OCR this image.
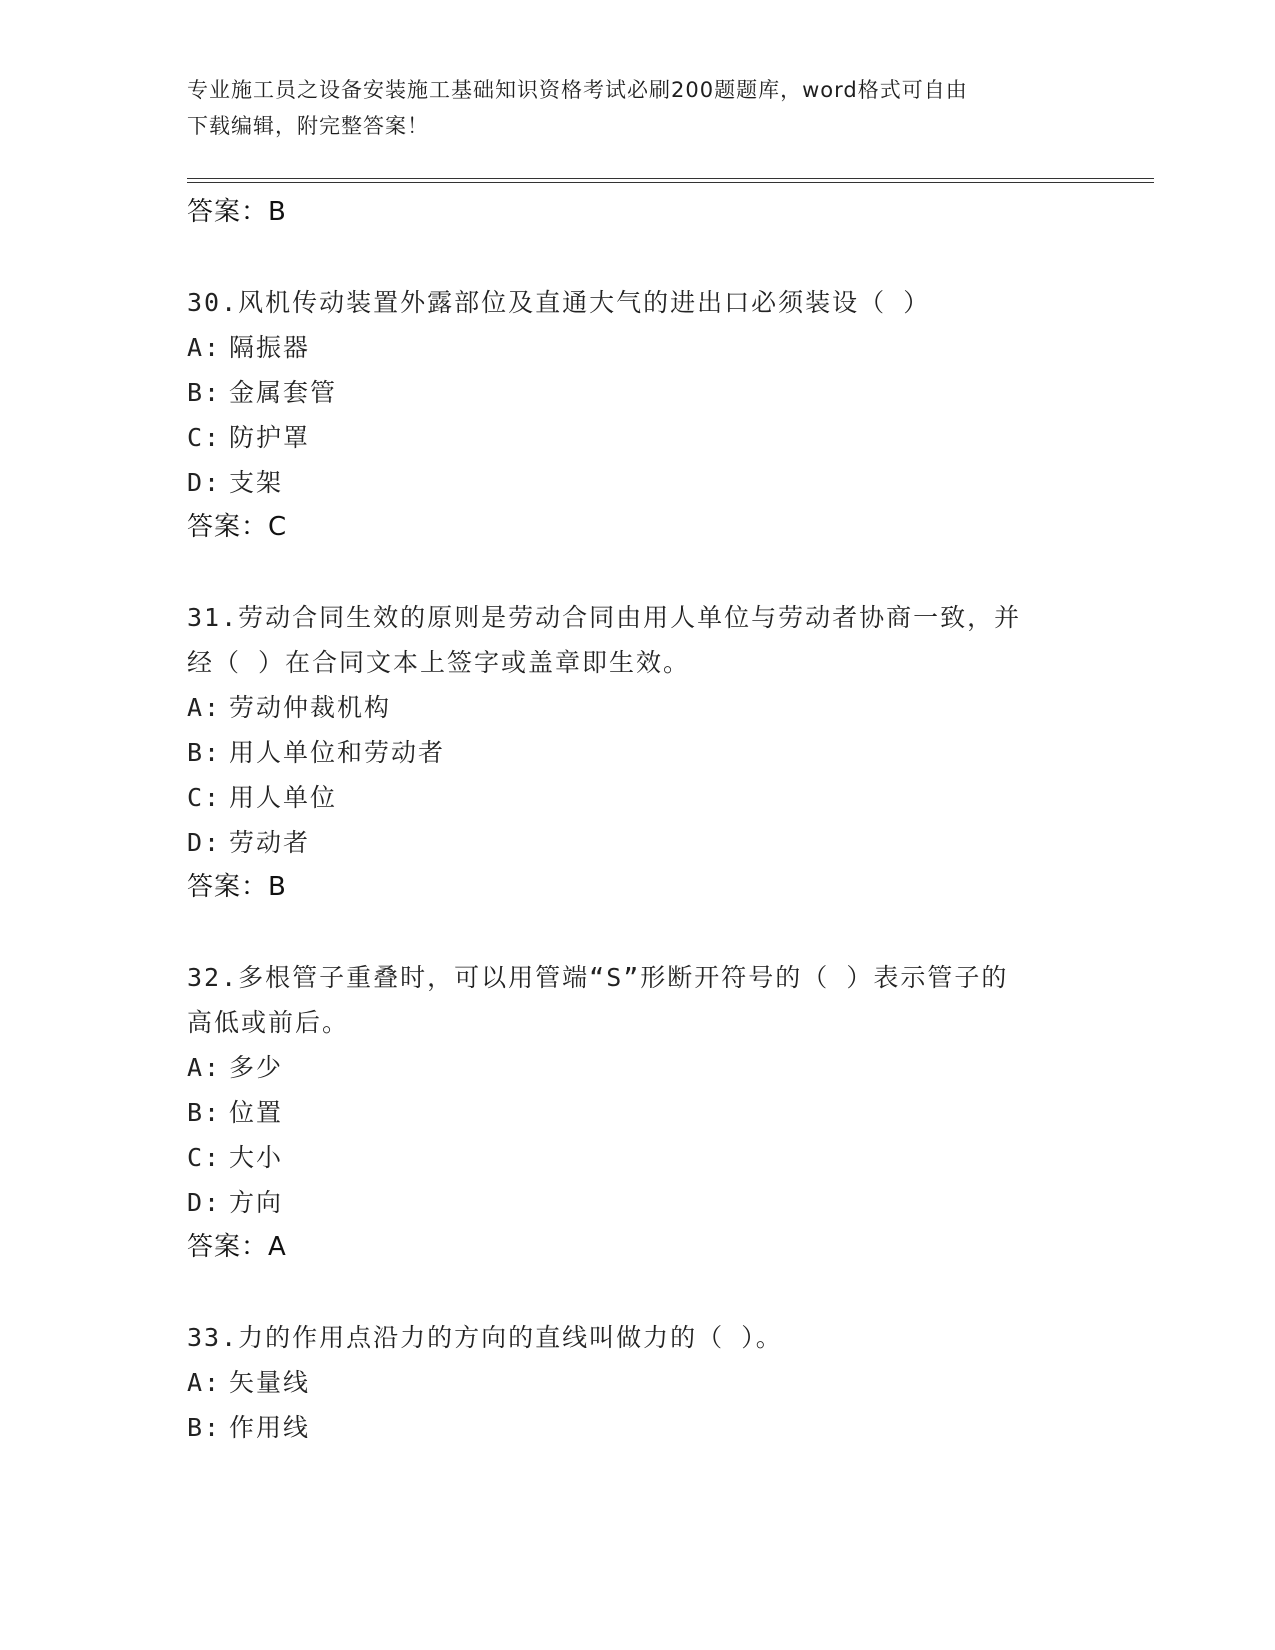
专业施工员之设备安装施工基础知识资格考试必刷200题题库，word格式可自由
下载编辑，附完整答案！
答案：B

30.风机传动装置外露部位及直通大气的进出口必须装设（ ）

A: 隔振器
B: 金属套管
C: 防护罩
D: 支架
答案：C

31.劳动合同生效的原则是劳动合同由用人单位与劳动者协商一致，并

经（ ）在合同文本上签字或盖章即生效。

A: 劳动仲裁机构
B: 用人单位和劳动者
C: 用人单位
D: 劳动者
答案：B

32.多根管子重叠时，可以用管端“S”形断开符号的（ ）表示管子的

高低或前后。

A: 多少
B: 位置
C: 大小
D: 方向
答案：A

33.力的作用点沿力的方向的直线叫做力的（ ）。

A: 矢量线
B: 作用线
